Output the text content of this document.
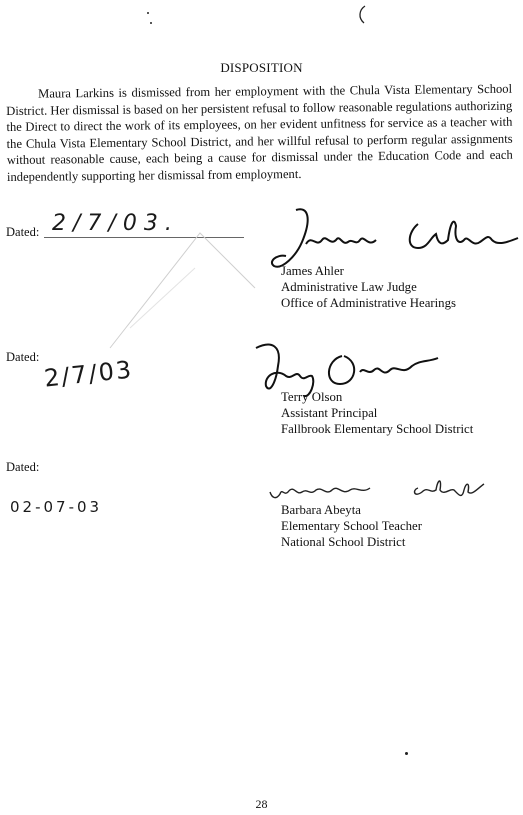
DISPOSITION
Maura Larkins is dismissed from her employment with the Chula Vista Elementary School District. Her dismissal is based on her persistent refusal to follow reasonable regulations authorizing the Direct to direct the work of its employees, on her evident unfitness for service as a teacher with the Chula Vista Elementary School District, and her willful refusal to perform regular assignments without reasonable cause, each being a cause for dismissal under the Education Code and each independently supporting her dismissal from employment.
Dated: 2/7/03.
James Ahler
Administrative Law Judge
Office of Administrative Hearings
Dated: 2/7/03
Terry Olson
Assistant Principal
Fallbrook Elementary School District
Dated:
02-07-03	Barbara Abeyta
Elementary School Teacher
National School District
28
